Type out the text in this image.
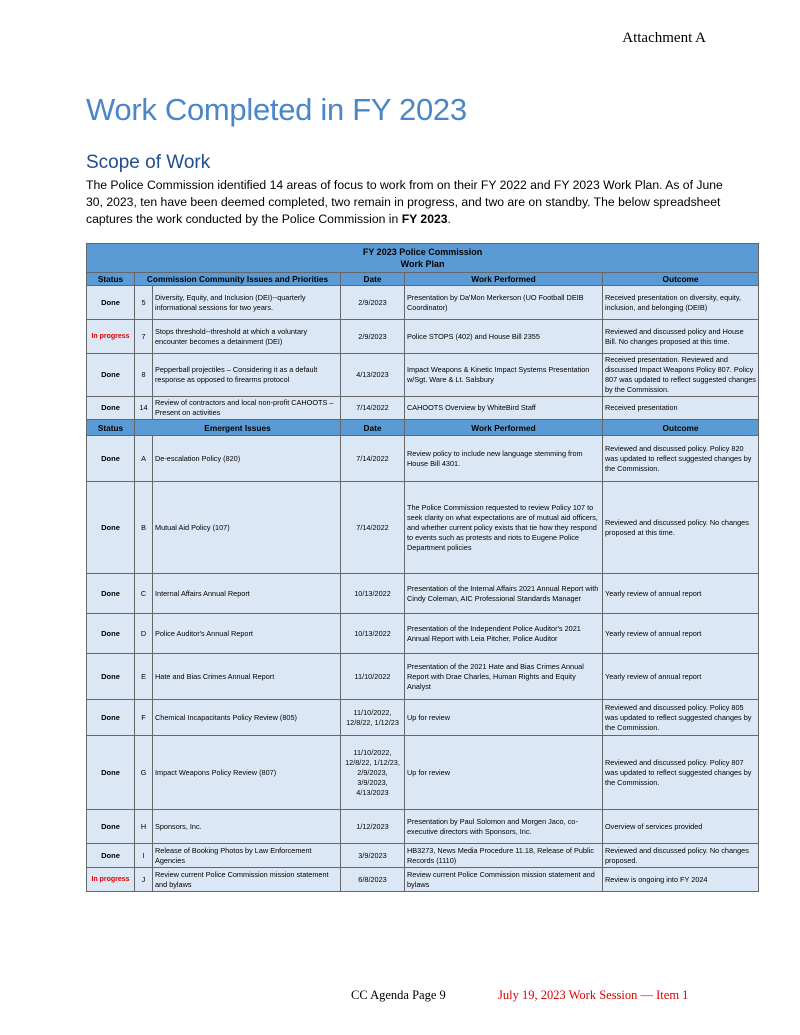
Attachment A
Work Completed in FY 2023
Scope of Work

The Police Commission identified 14 areas of focus to work from on their FY 2022 and FY 2023 Work Plan. As of June 30, 2023, ten have been deemed completed, two remain in progress, and two are on standby. The below spreadsheet captures the work conducted by the Police Commission in FY 2023.

FY 2023 Police Commission
Work Plan					

Status	Commission Community Issues and Priorities		Date	Work Performed	Outcome
Done	5	Diversity, Equity, and Inclusion (DEI)--quarterly informational sessions for two years.	2/9/2023	Presentation by Da'Mon Merkerson (UO Football DEIB Coordinator)	Received presentation on diversity, equity, inclusion, and belonging (DEIB)
In progress	7	Stops threshold--threshold at which a voluntary encounter becomes a detainment (DEI)	2/9/2023	Police STOPS (402) and House Bill 2355	Reviewed and discussed policy and House Bill. No changes proposed at this time.
Done	8	Pepperball projectiles – Considering it as a default response as opposed to firearms protocol	4/13/2023	Impact Weapons & Kinetic Impact Systems Presentation w/Sgt. Ware & Lt. Salsbury	Received presentation. Reviewed and discussed Impact Weapons Policy 807. Policy 807 was updated to reflect suggested changes by the Commission.
Done	14	Review of contractors and local non-profit CAHOOTS – Present on activities	7/14/2022	CAHOOTS Overview by WhiteBird Staff	Received presentation
Status	Emergent Issues		Date	Work Performed	Outcome
Done	A	De-escalation Policy (820)	7/14/2022	Review policy to include new language stemming from House Bill 4301.	Reviewed and discussed policy. Policy 820 was updated to reflect suggested changes by the Commission.
Done	B	Mutual Aid Policy (107)	7/14/2022	The Police Commission requested to review Policy 107 to seek clarity on what expectations are of mutual aid officers, and whether current policy exists that tie how they respond to events such as protests and riots to Eugene Police Department policies	Reviewed and discussed policy. No changes proposed at this time.
Done	C	Internal Affairs Annual Report	10/13/2022	Presentation of the Internal Affairs 2021 Annual Report with Cindy Coleman, AIC Professional Standards Manager	Yearly review of annual report
Done	D	Police Auditor's Annual Report	10/13/2022	Presentation of the Independent Police Auditor's 2021 Annual Report with Leia Pitcher, Police Auditor	Yearly review of annual report
Done	E	Hate and Bias Crimes Annual Report	11/10/2022	Presentation of the 2021 Hate and Bias Crimes Annual Report with Drae Charles, Human Rights and Equity Analyst	Yearly review of annual report
Done	F	Chemical Incapacitants Policy Review (805)	11/10/2022, 12/8/22, 1/12/23	Up for review	Reviewed and discussed policy. Policy 805 was updated to reflect suggested changes by the Commission.
Done	G	Impact Weapons Policy Review (807)	11/10/2022, 12/8/22, 1/12/23, 2/9/2023, 3/9/2023, 4/13/2023	Up for review	Reviewed and discussed policy. Policy 807 was updated to reflect suggested changes by the Commission.
Done	H	Sponsors, Inc.	1/12/2023	Presentation by Paul Solomon and Morgen Jaco, co- executive directors with Sponsors, Inc.	Overview of services provided
Done	I	Release of Booking Photos by Law Enforcement Agencies	3/9/2023	HB3273, News Media Procedure 11.18, Release of Public Records (1110)	Reviewed and discussed policy. No changes proposed.
In progress	J	Review current Police Commission mission statement and bylaws	6/8/2023	Review current Police Commission mission statement and bylaws	Review is ongoing into FY 2024
CC Agenda Page 9	July 19, 2023 Work Session — Item 1
